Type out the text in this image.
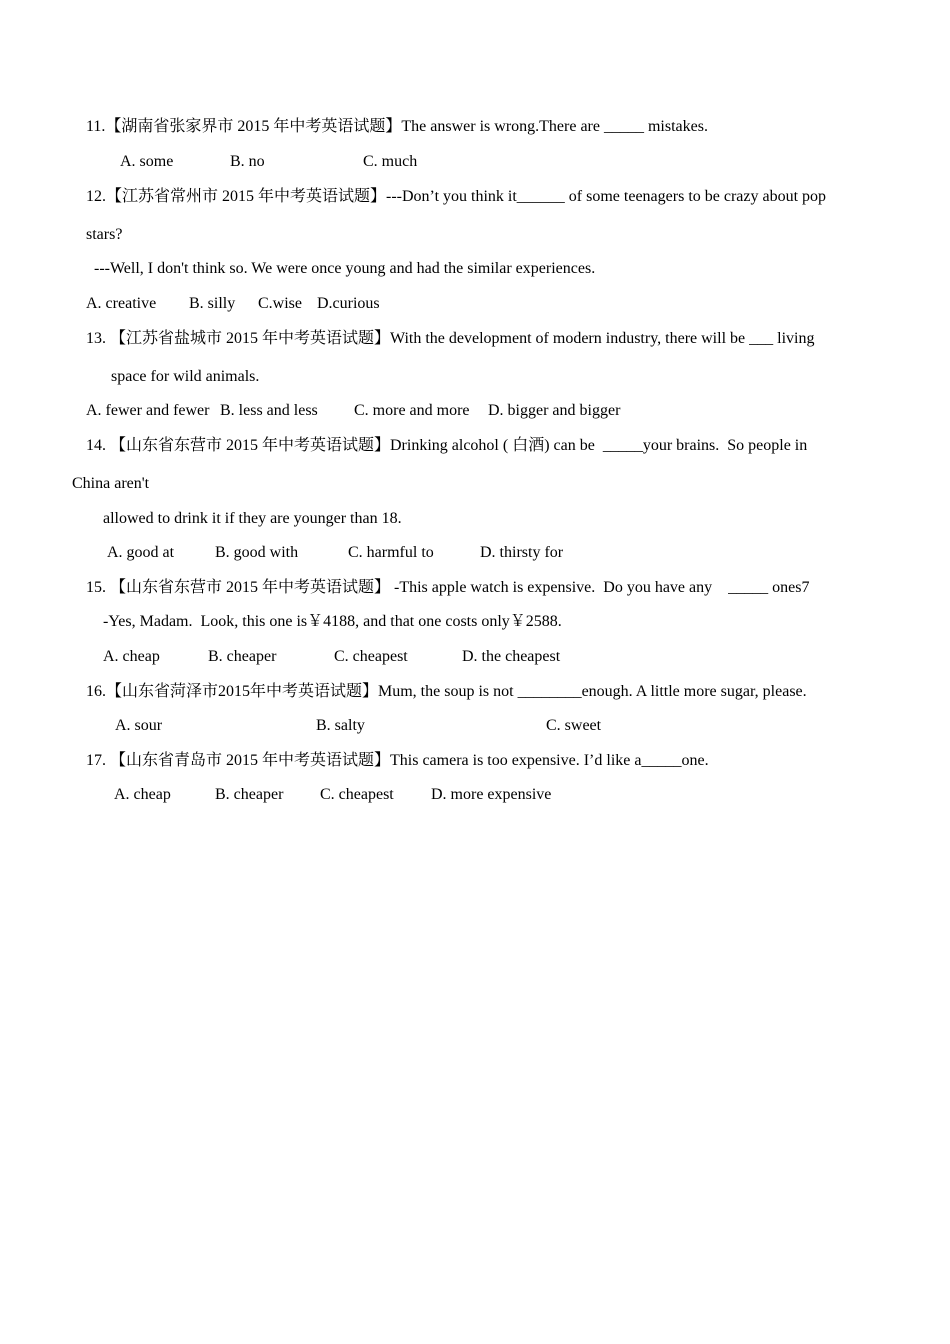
11.【湖南省张家界市 2015 年中考英语试题】The answer is wrong.There are _____ mistakes.
A. some	B. no	C. much
12.【江苏省常州市 2015 年中考英语试题】---Don’t you think it______ of some teenagers to be crazy about pop
stars?
---Well, I don't think so. We were once young and had the similar experiences.
A. creative B. silly C.wise D.curious
13. 【江苏省盐城市 2015 年中考英语试题】With the development of modern industry, there will be ___ living
space for wild animals.
A. fewer and fewer B. less and less C. more and more D. bigger and bigger
14. 【山东省东营市 2015 年中考英语试题】Drinking alcohol ( 白酒) can be  _____your brains.  So people in
China aren't
allowed to drink it if they are younger than 18.
A. good at	B. good with	C. harmful to	D. thirsty for
15. 【山东省东营市 2015 年中考英语试题】 -This apple watch is expensive.  Do you have any    _____ ones7
-Yes, Madam.  Look, this one is￥4188, and that one costs only￥2588.
A. cheap	B. cheaper	C. cheapest	D. the cheapest
16.【山东省菏泽市2015年中考英语试题】Mum, the soup is not ________enough. A little more sugar, please.
A. sour	B. salty	C. sweet
17. 【山东省青岛市 2015 年中考英语试题】This camera is too expensive. I’d like a_____one.
A. cheap	B. cheaper C. cheapest D. more expensive
